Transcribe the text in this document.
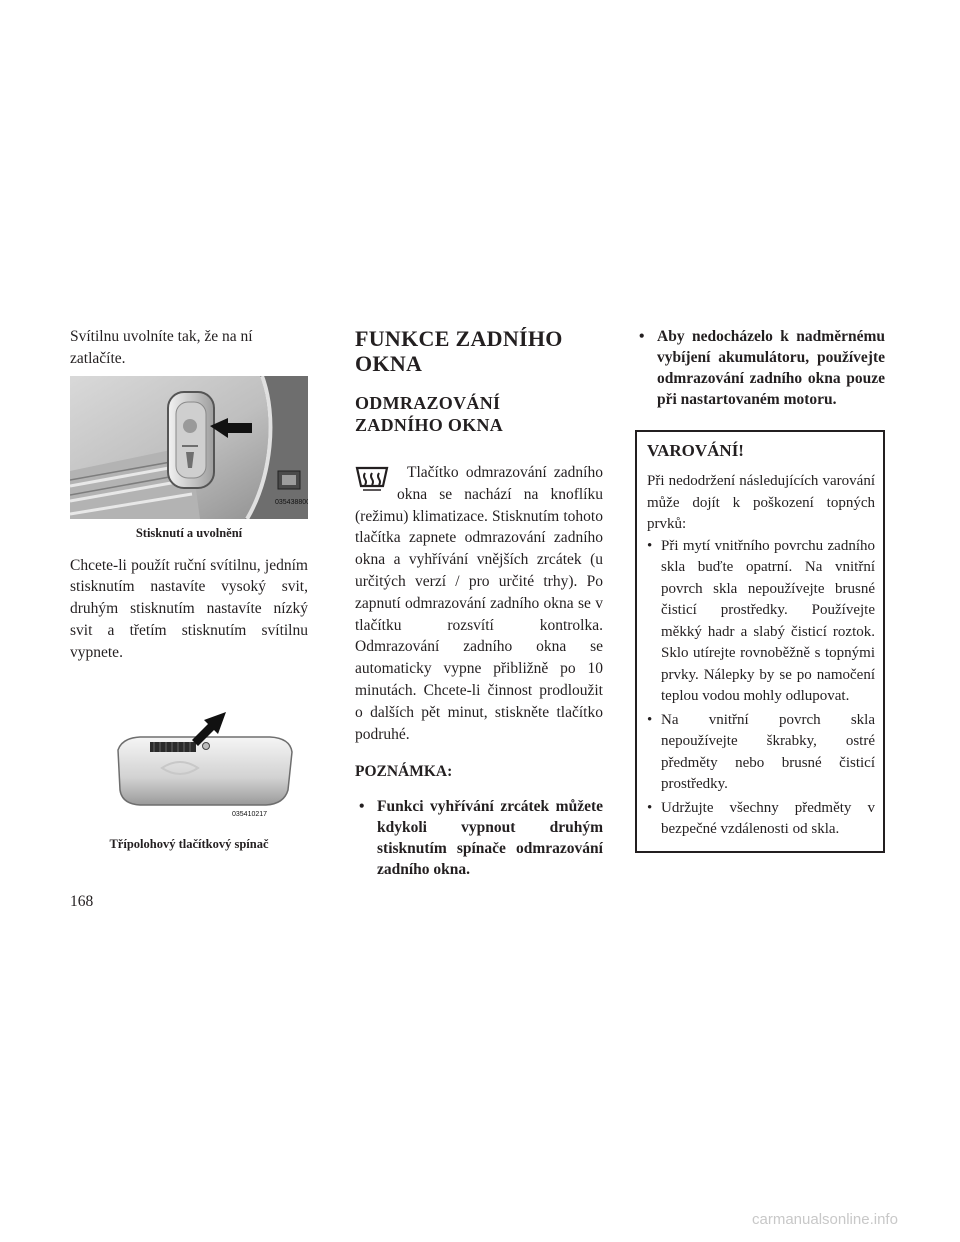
Svítilnu uvolníte tak, že na ní zatlačíte.

035438800
Stisknutí a uvolnění

Chcete-li použít ruční svítilnu, jedním stisknutím nastavíte vysoký svit, druhým stisknutím nastavíte nízký svit a třetím stisknutím svítilnu vypnete.

035410217
Třípolohový tlačítkový spínač
FUNKCE ZADNÍHO
OKNA
ODMRAZOVÁNÍ
ZADNÍHO OKNA

Tlačítko odmrazování zadního okna se nachází na knoflíku (režimu) klimatizace. Stisknutím tohoto tlačítka zapnete odmrazování zadního okna a vyhřívání vnějších zrcátek (u určitých verzí / pro určité trhy). Po zapnutí odmrazování zadního okna se v tlačítku rozsvítí kontrolka. Odmrazování zadního okna se automaticky vypne přibližně po 10 minutách. Chcete-li činnost prodloužit o dalších pět minut, stiskněte tlačítko podruhé.

POZNÁMKA:
• Funkci vyhřívání zrcátek můžete kdykoli vypnout druhým stisknutím spínače odmrazování zadního okna.
• Aby nedocházelo k nadměrnému vybíjení akumulátoru, používejte odmrazování zadního okna pouze při nastartovaném motoru.
VAROVÁNÍ!

Při nedodržení následujících varování může dojít k poškození topných prvků:

• Při mytí vnitřního povrchu zadního skla buďte opatrní. Na vnitřní povrch skla nepoužívejte brusné čisticí prostředky. Používejte měkký hadr a slabý čisticí roztok. Sklo utírejte rovnoběžně s topnými prvky. Nálepky by se po namočení teplou vodou mohly odlupovat.
• Na vnitřní povrch skla nepoužívejte škrabky, ostré předměty nebo brusné čisticí prostředky.
• Udržujte všechny předměty v bezpečné vzdálenosti od skla.
168
carmanualsonline.info
